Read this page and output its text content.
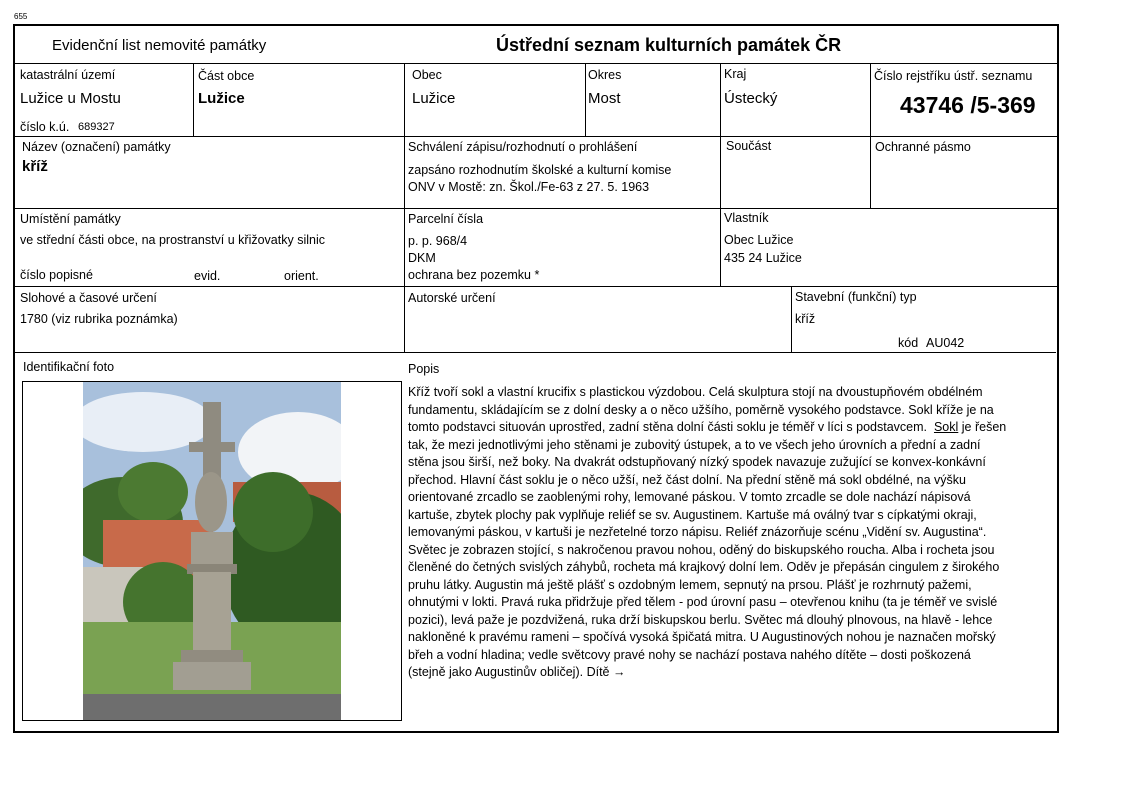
655
Evidenční list nemovité památky	Ústřední seznam kulturních památek ČR
katastrální území
Lužice u Mostu
číslo k.ú. 689327
Část obce
Lužice
Obec
Lužice
Okres
Most
Kraj
Ústecký
Číslo rejstříku ústř. seznamu
43746 /5-369
Název (označení) památky
kříž
Schválení zápisu/rozhodnutí o prohlášení
zapsáno rozhodnutím školské a kulturní komise
ONV v Mostě: zn. Škol./Fe-63 z 27. 5. 1963
Součást	Ochranné pásmo
Umístění památky
ve střední části obce, na prostranství u křižovatky silnic
číslo popisné	evid.	orient.
Parcelní čísla
p. p. 968/4
DKM
ochrana bez pozemku *
Vlastník
Obec Lužice
435 24 Lužice
Slohové a časové určení
1780 (viz rubrika poznámka)
Autorské určení	Stavební (funkční) typ
kříž
kód AU042
Identifikační foto	Popis
Kříž tvoří sokl a vlastní krucifix s plastickou výzdobou. Celá skulptura stojí na dvoustupňovém obdélném
fundamentu, skládajícím se z dolní desky a o něco užšího, poměrně vysokého podstavce. Sokl kříže je na
tomto podstavci situován uprostřed, zadní stěna dolní části soklu je téměř v líci s podstavcem. Sokl je řešen
tak, že mezi jednotlivými jeho stěnami je zubovitý ústupek, a to ve všech jeho úrovních a přední a zadní
stěna jsou širší, než boky. Na dvakrát odstupňovaný nízký spodek navazuje zužující se konvex-konkávní
přechod. Hlavní část soklu je o něco užší, než část dolní. Na přední stěně má sokl obdélné, na výšku
orientované zrcadlo se zaoblenými rohy, lemované páskou. V tomto zrcadle se dole nachází nápisová
kartuše, zbytek plochy pak vyplňuje reliéf se sv. Augustinem. Kartuše má oválný tvar s cípkatými okraji,
lemovanými páskou, v kartuši je nezřetelné torzo nápisu. Reliéf znázorňuje scénu „Vidění sv. Augustina“.
Světec je zobrazen stojící, s nakročenou pravou nohou, oděný do biskupského roucha. Alba i rocheta jsou
členěné do četných svislých záhybů, rocheta má krajkový dolní lem. Oděv je přepásán cingulem z širokého
pruhu látky. Augustin má ještě plášť s ozdobným lemem, sepnutý na prsou. Plášť je rozhrnutý pažemi,
ohnutými v lokti. Pravá ruka přidržuje před tělem - pod úrovní pasu – otevřenou knihu (ta je téměř ve svislé
pozici), levá paže je pozdvižená, ruka drží biskupskou berlu. Světec má dlouhý plnovous, na hlavě - lehce
nakloněné k pravému rameni – spočívá vysoká špičatá mitra. U Augustinových nohou je naznačen mořský
břeh a vodní hladina; vedle světcovy pravé nohy se nachází postava nahého dítěte – dosti poškozená
(stejně jako Augustinův obličej). Dítě →
